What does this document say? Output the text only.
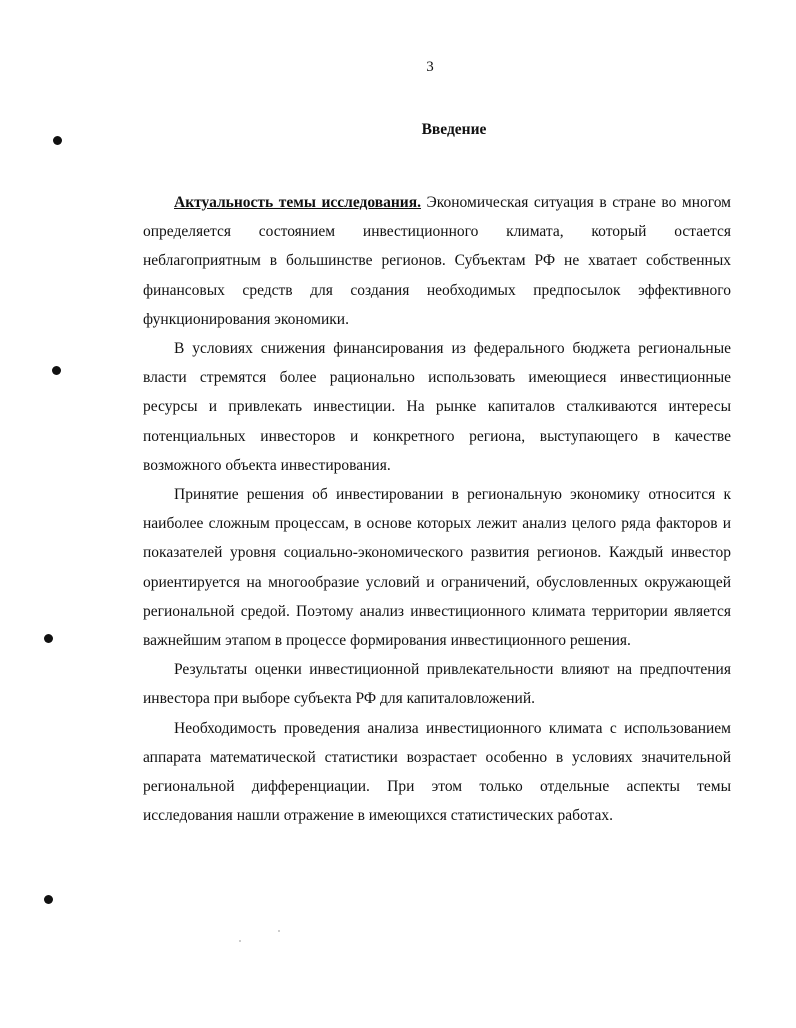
3
Введение

Актуальность темы исследования. Экономическая ситуация в стране во многом определяется состоянием инвестиционного климата, который остается неблагоприятным в большинстве регионов. Субъектам РФ не хватает собственных финансовых средств для создания необходимых предпосылок эффективного функционирования экономики.

В условиях снижения финансирования из федерального бюджета региональные власти стремятся более рационально использовать имеющиеся инвестиционные ресурсы и привлекать инвестиции. На рынке капиталов сталкиваются интересы потенциальных инвесторов и конкретного региона, выступающего в качестве возможного объекта инвестирования.

Принятие решения об инвестировании в региональную экономику относится к наиболее сложным процессам, в основе которых лежит анализ целого ряда факторов и показателей уровня социально-экономического развития регионов. Каждый инвестор ориентируется на многообразие условий и ограничений, обусловленных окружающей региональной средой. Поэтому анализ инвестиционного климата территории является важнейшим этапом в процессе формирования инвестиционного решения.

Результаты оценки инвестиционной привлекательности влияют на предпочтения инвестора при выборе субъекта РФ для капиталовложений.

Необходимость проведения анализа инвестиционного климата с использованием аппарата математической статистики возрастает особенно в условиях значительной региональной дифференциации. При этом только отдельные аспекты темы исследования нашли отражение в имеющихся статистических работах.
